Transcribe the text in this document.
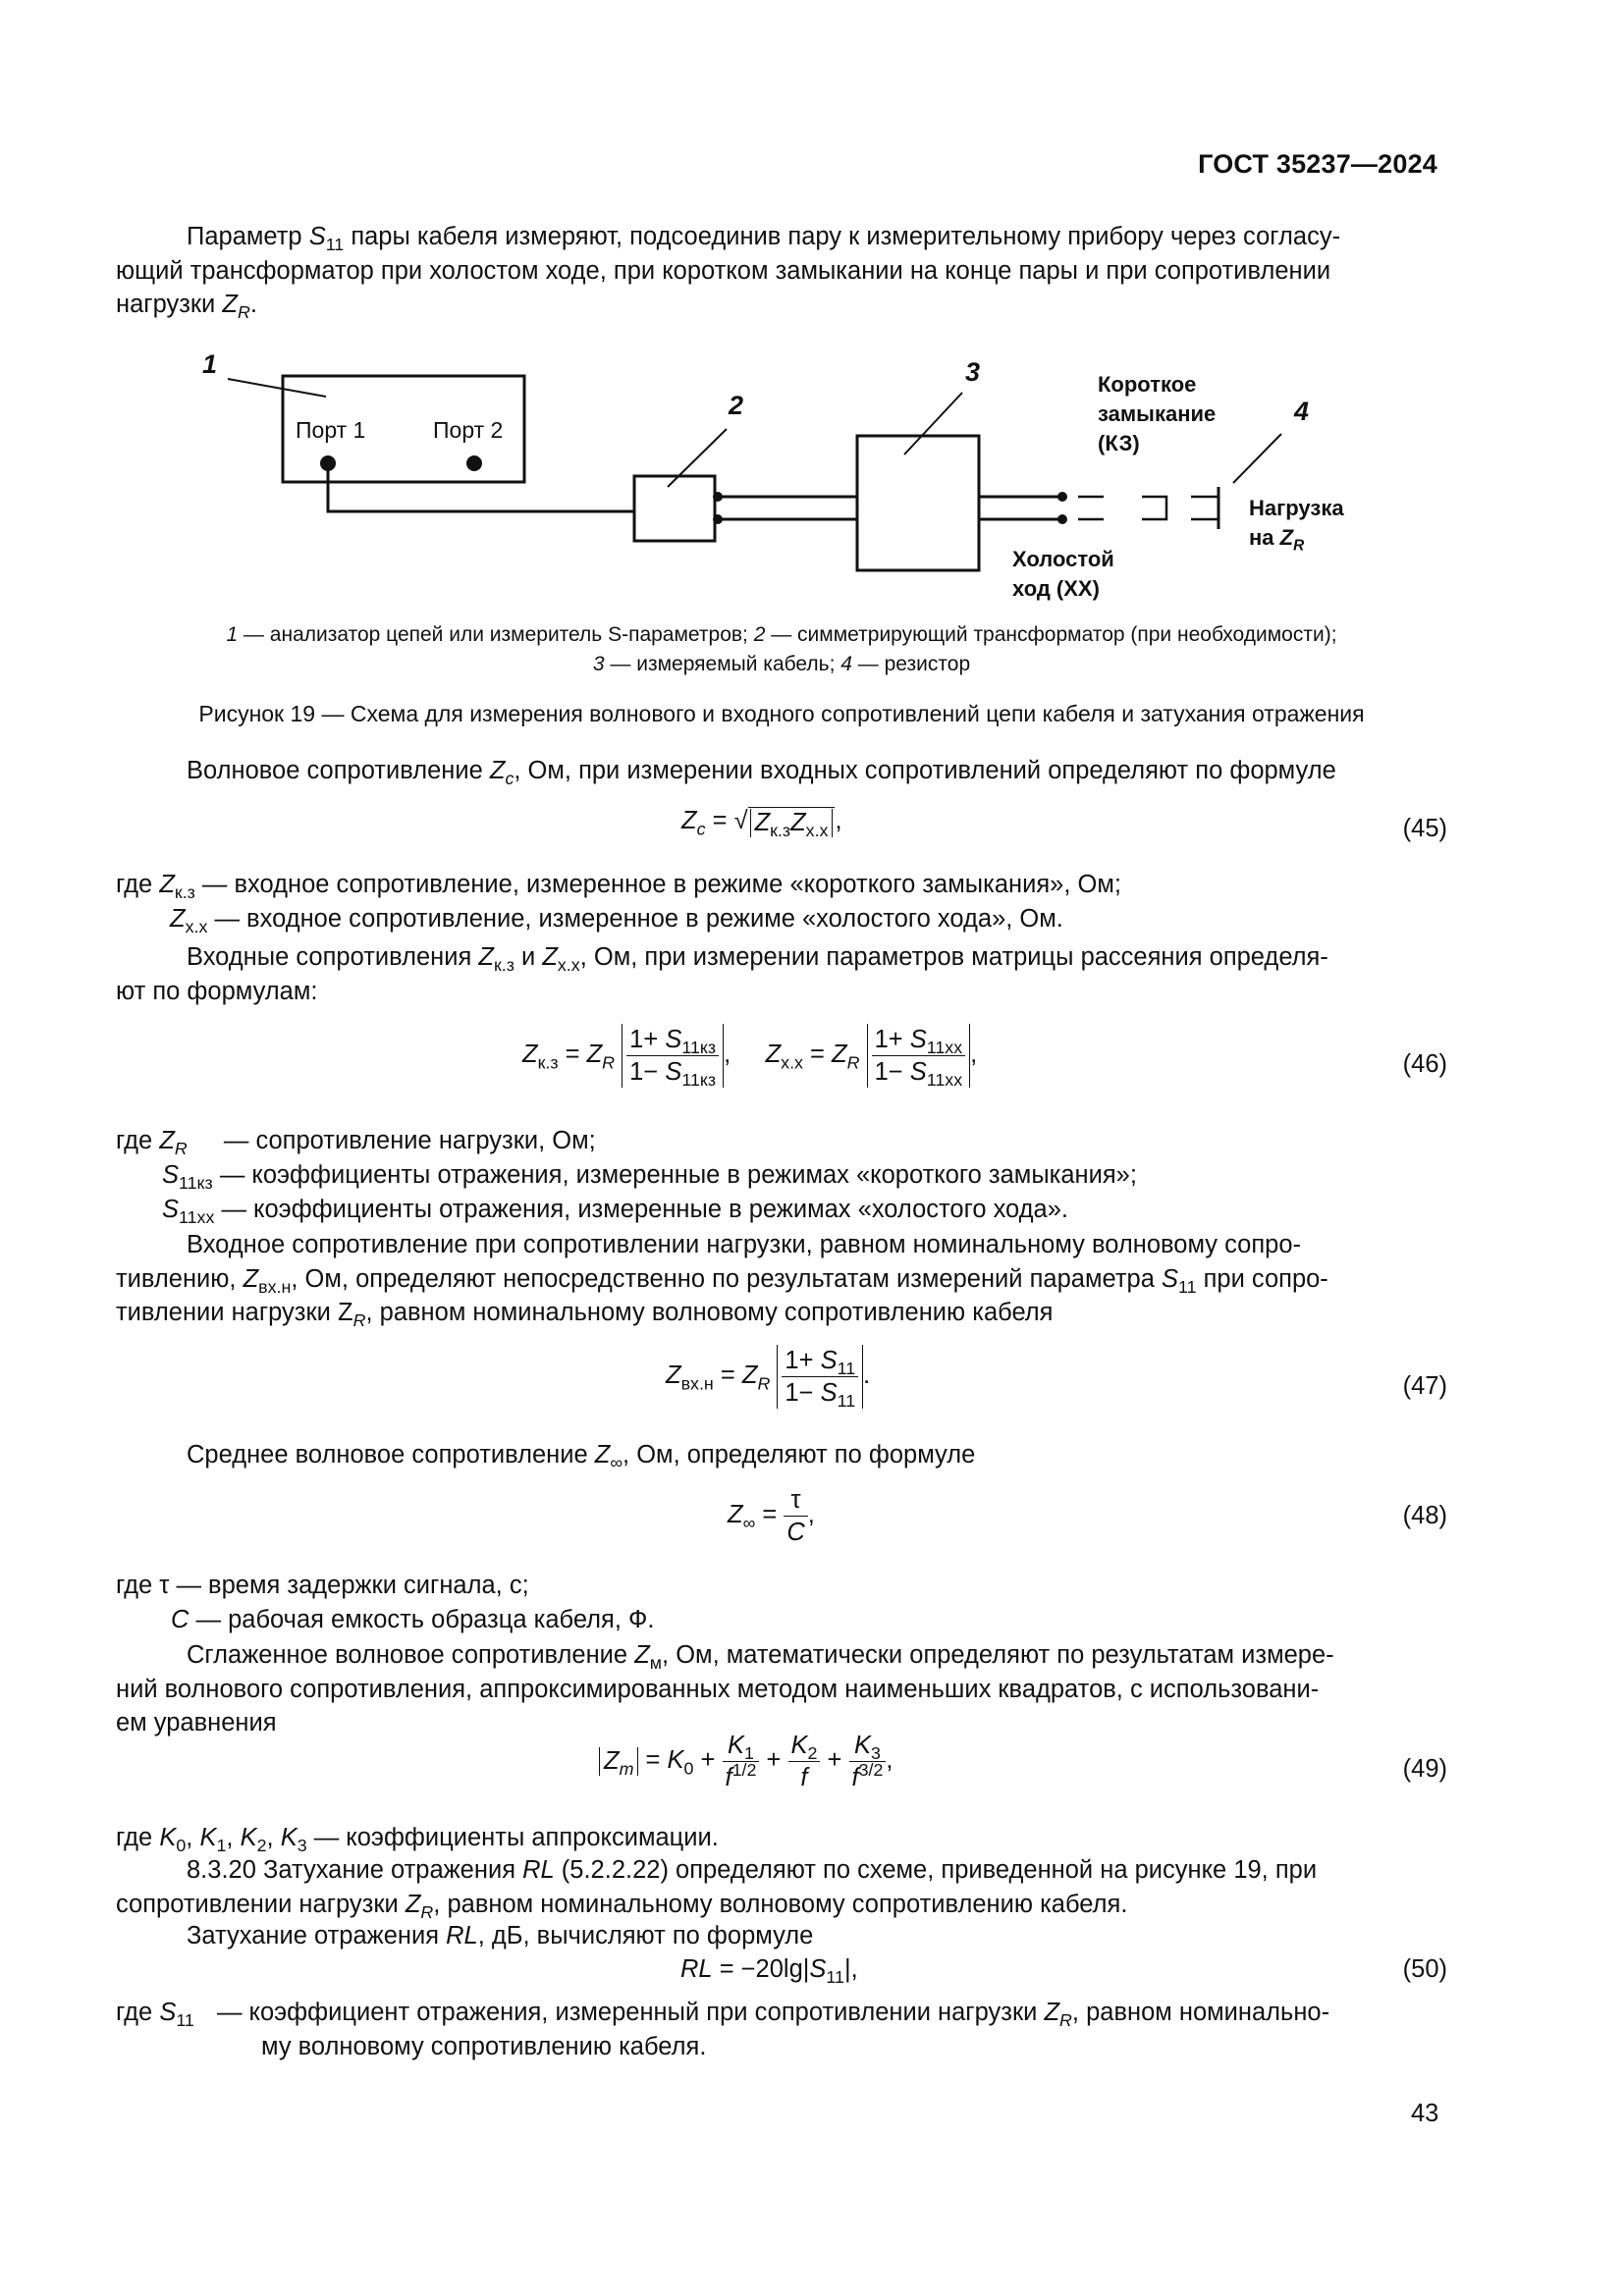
ГОСТ 35237—2024
Параметр $S_{11}$ пары кабеля измеряют, подсоединив пару к измерительному прибору через согласу-
ющий трансформатор при холостом ходе, при коротком замыкании на конце пары и при сопротивлении
нагрузки $Z_R$.
1
2
3
4
Порт 1	Порт 2
Короткое
замыкание
(КЗ)
Холостой
ход (ХХ)
Нагрузка
на $Z_R$
1 — анализатор цепей или измеритель S-параметров; 2 — симметрирующий трансформатор (при необходимости);
3 — измеряемый кабель; 4 — резистор
Рисунок 19 — Схема для измерения волнового и входного сопротивлений цепи кабеля и затухания отражения
Волновое сопротивление $Z_c$, Ом, при измерении входных сопротивлений определяют по формуле
$Z_c$ = √ $Z_{к.з}Z_{х.х}$ ,	(45)
где $Z_{к.з}$ — входное сопротивление, измеренное в режиме «короткого замыкания», Ом;
$Z_{х.х}$ — входное сопротивление, измеренное в режиме «холостого хода», Ом.
Входные сопротивления $Z_{к.з}$ и $Z_{х.х}$, Ом, при измерении параметров матрицы рассеяния определя-
ют по формулам:
$Z_{к.з} = Z_R \frac{1+ S_{11кз}}{1- S_{11кз}}$ ,     $Z_{х.х} = Z_R \frac{1+ S_{11хх}}{1- S_{11хх}}$ ,	(46)
где $Z_R$ — сопротивление нагрузки, Ом;
$S_{11кз}$ — коэффициенты отражения, измеренные в режимах «короткого замыкания»;
$S_{11хх}$ — коэффициенты отражения, измеренные в режимах «холостого хода».
Входное сопротивление при сопротивлении нагрузки, равном номинальному волновому сопро-
тивлению, $Z_{вх.н}$, Ом, определяют непосредственно по результатам измерений параметра $S_{11}$ при сопро-
тивлении нагрузки $Z_R$, равном номинальному волновому сопротивлению кабеля
$Z_{вх.н} = Z_R \frac{1+ S_{11}}{1- S_{11}}$ .	(47)
Среднее волновое сопротивление $Z_\infty$, Ом, определяют по формуле
$Z_\infty = \frac{\tau}{C}$ ,	(48)
где τ — время задержки сигнала, с;
C — рабочая емкость образца кабеля, Ф.
Сглаженное волновое сопротивление $Z_м$, Ом, математически определяют по результатам измере-
ний волнового сопротивления, аппроксимированных методом наименьших квадратов, с использовани-
ем уравнения
$Z_m = K_0 + \frac{K_1}{f^{1/2}} + \frac{K_2}{f} + \frac{K_3}{f^{3/2}}$ ,	(49)
где $K_0$, $K_1$, $K_2$, $K_3$ — коэффициенты аппроксимации.
8.3.20 Затухание отражения RL (5.2.2.22) определяют по схеме, приведенной на рисунке 19, при
сопротивлении нагрузки $Z_R$, равном номинальному волновому сопротивлению кабеля.
Затухание отражения RL, дБ, вычисляют по формуле
RL = $-20\lg|S_{11}|$,	(50)
где $S_{11}$ — коэффициент отражения, измеренный при сопротивлении нагрузки $Z_R$, равном номинально-
му волновому сопротивлению кабеля.
43
